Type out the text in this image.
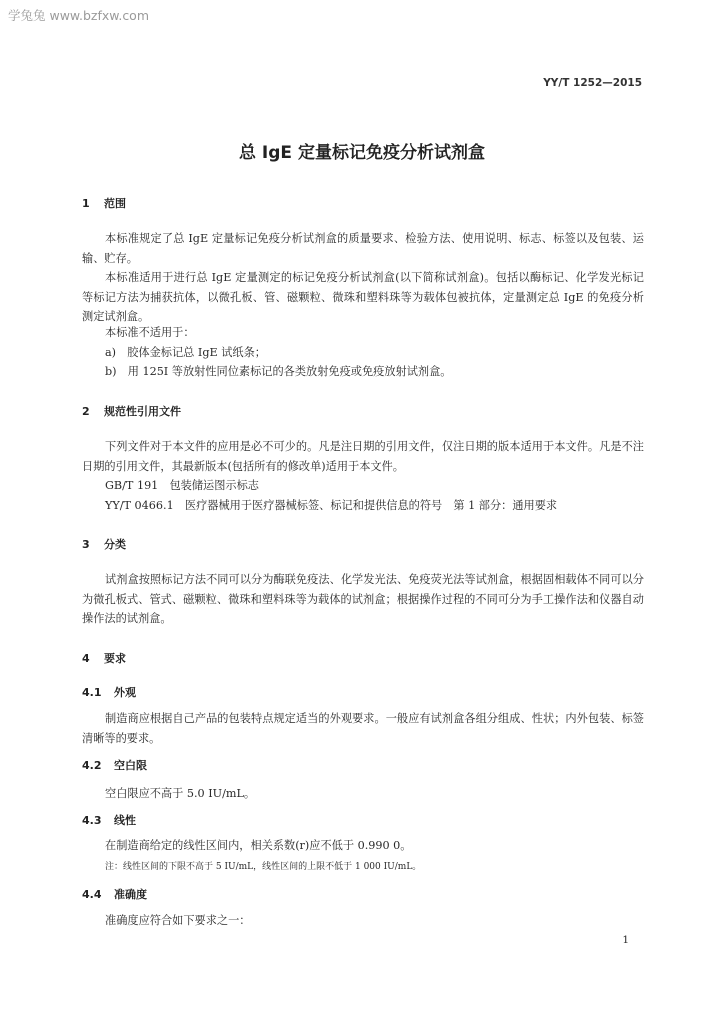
学兔兔 www.bzfxw.com
YY/T 1252—2015
总 IgE 定量标记免疫分析试剂盒
1 范围
本标准规定了总 IgE 定量标记免疫分析试剂盒的质量要求、检验方法、使用说明、标志、标签以及包装、运输、贮存。
本标准适用于进行总 IgE 定量测定的标记免疫分析试剂盒(以下简称试剂盒)。包括以酶标记、化学发光标记等标记方法为捕获抗体，以微孔板、管、磁颗粒、微珠和塑料珠等为载体包被抗体，定量测定总 IgE 的免疫分析测定试剂盒。
本标准不适用于：
a)　胶体金标记总 IgE 试纸条；
b)　用 125I 等放射性同位素标记的各类放射免疫或免疫放射试剂盒。
2 规范性引用文件
下列文件对于本文件的应用是必不可少的。凡是注日期的引用文件，仅注日期的版本适用于本文件。凡是不注日期的引用文件，其最新版本(包括所有的修改单)适用于本文件。
GB/T 191　包装储运图示标志
YY/T 0466.1　医疗器械用于医疗器械标签、标记和提供信息的符号　第 1 部分：通用要求
3 分类
试剂盒按照标记方法不同可以分为酶联免疫法、化学发光法、免疫荧光法等试剂盒，根据固相载体不同可以分为微孔板式、管式、磁颗粒、微珠和塑料珠等为载体的试剂盒；根据操作过程的不同可分为手工操作法和仪器自动操作法的试剂盒。
4 要求
4.1 外观
制造商应根据自己产品的包装特点规定适当的外观要求。一般应有试剂盒各组分组成、性状；内外包装、标签清晰等的要求。
4.2 空白限
空白限应不高于 5.0 IU/mL。
4.3 线性
在制造商给定的线性区间内，相关系数(r)应不低于 0.990 0。
注：线性区间的下限不高于 5 IU/mL，线性区间的上限不低于 1 000 IU/mL。
4.4 准确度
准确度应符合如下要求之一：
1
